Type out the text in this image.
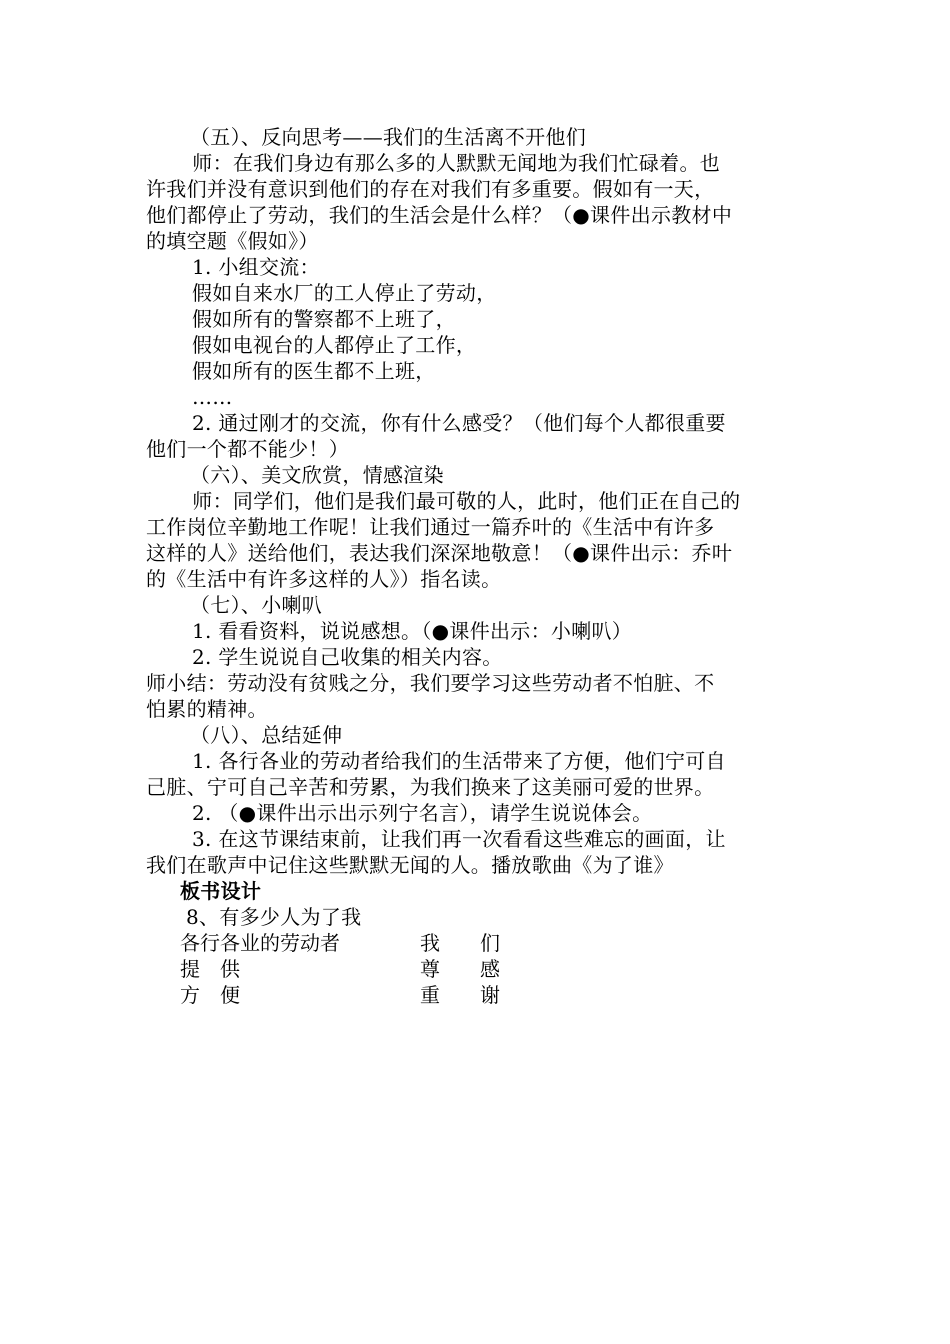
（五）、反向思考——我们的生活离不开他们
　师：在我们身边有那么多的人默默无闻地为我们忙碌着。也
许我们并没有意识到他们的存在对我们有多重要。假如有一天，
他们都停止了劳动，我们的生活会是什么样？（●课件出示教材中
的填空题《假如》）
1. 小组交流：
假如自来水厂的工人停止了劳动，
假如所有的警察都不上班了，
假如电视台的人都停止了工作，
假如所有的医生都不上班，
……
2. 通过刚才的交流，你有什么感受？（他们每个人都很重要
他们一个都不能少！）
（六）、美文欣赏，情感渲染
　师：同学们，他们是我们最可敬的人，此时，他们正在自己的
工作岗位辛勤地工作呢！让我们通过一篇乔叶的《生活中有许多
这样的人》送给他们，表达我们深深地敬意！（●课件出示：乔叶
的《生活中有许多这样的人》）指名读。
（七）、小喇叭
1. 看看资料，说说感想。（●课件出示：小喇叭）
2. 学生说说自己收集的相关内容。
师小结：劳动没有贫贱之分，我们要学习这些劳动者不怕脏、不
怕累的精神。
（八）、总结延伸
1. 各行各业的劳动者给我们的生活带来了方便，他们宁可自
己脏、宁可自己辛苦和劳累，为我们换来了这美丽可爱的世界。
2. （●课件出示出示列宁名言），请学生说说体会。
3. 在这节课结束前，让我们再一次看看这些难忘的画面，让
我们在歌声中记住这些默默无闻的人。播放歌曲《为了谁》
板书设计
8、有多少人为了我
各行各业的劳动者
提　供
方　便
我　　们
尊　　感
重　　谢
